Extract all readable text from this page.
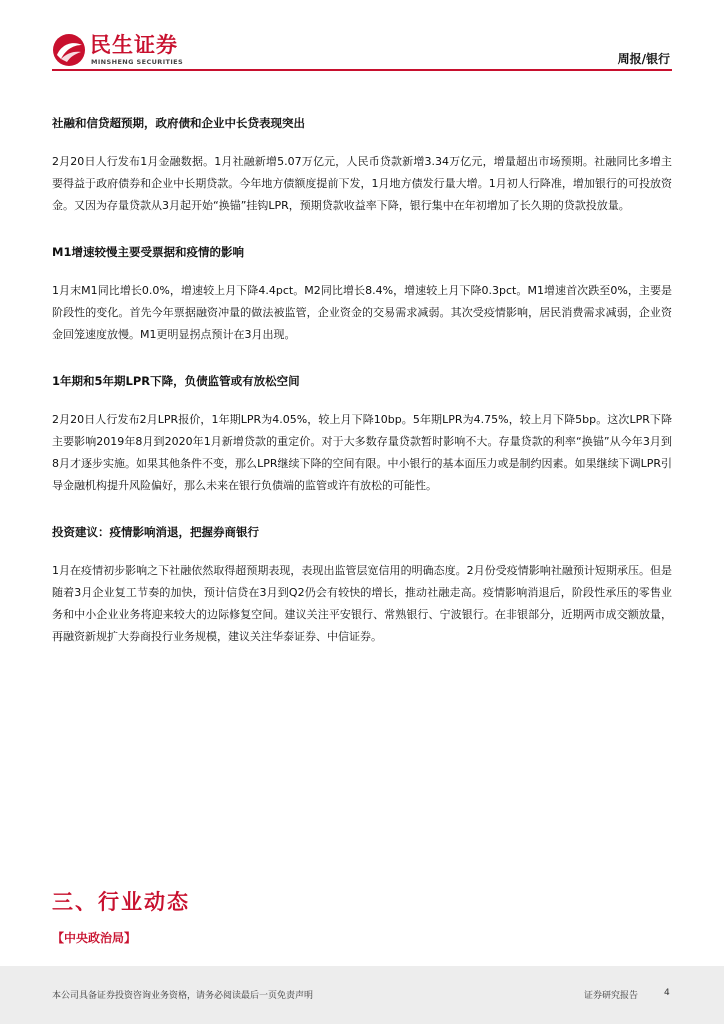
民生证券
MINSHENG SECURITIES	周报/银行
社融和信贷超预期，政府债和企业中长贷表现突出
2月20日人行发布1月金融数据。1月社融新增5.07万亿元，人民币贷款新增3.34万亿元，增量超出市场预期。社融同比多增主要得益于政府债券和企业中长期贷款。今年地方债额度提前下发，1月地方债发行量大增。1月初人行降准，增加银行的可投放资金。又因为存量贷款从3月起开始“换锚”挂钩LPR，预期贷款收益率下降，银行集中在年初增加了长久期的贷款投放量。
M1增速较慢主要受票据和疫情的影响
1月末M1同比增长0.0%，增速较上月下降4.4pct。M2同比增长8.4%，增速较上月下降0.3pct。M1增速首次跌至0%，主要是阶段性的变化。首先今年票据融资冲量的做法被监管，企业资金的交易需求减弱。其次受疫情影响，居民消费需求减弱，企业资金回笼速度放慢。M1更明显拐点预计在3月出现。
1年期和5年期LPR下降，负债监管或有放松空间
2月20日人行发布2月LPR报价，1年期LPR为4.05%，较上月下降10bp。5年期LPR为4.75%，较上月下降5bp。这次LPR下降主要影响2019年8月到2020年1月新增贷款的重定价。对于大多数存量贷款暂时影响不大。存量贷款的利率“换锚”从今年3月到8月才逐步实施。如果其他条件不变，那么LPR继续下降的空间有限。中小银行的基本面压力或是制约因素。如果继续下调LPR引导金融机构提升风险偏好，那么未来在银行负债端的监管或许有放松的可能性。
投资建议：疫情影响消退，把握券商银行
1月在疫情初步影响之下社融依然取得超预期表现，表现出监管层宽信用的明确态度。2月份受疫情影响社融预计短期承压。但是随着3月企业复工节奏的加快，预计信贷在3月到Q2仍会有较快的增长，推动社融走高。疫情影响消退后，阶段性承压的零售业务和中小企业业务将迎来较大的边际修复空间。建议关注平安银行、常熟银行、宁波银行。在非银部分，近期两市成交额放量，再融资新规扩大券商投行业务规模，建议关注华泰证券、中信证券。
三、行业动态
【中央政治局】
本公司具备证券投资咨询业务资格，请务必阅读最后一页免责声明	证券研究报告	4
